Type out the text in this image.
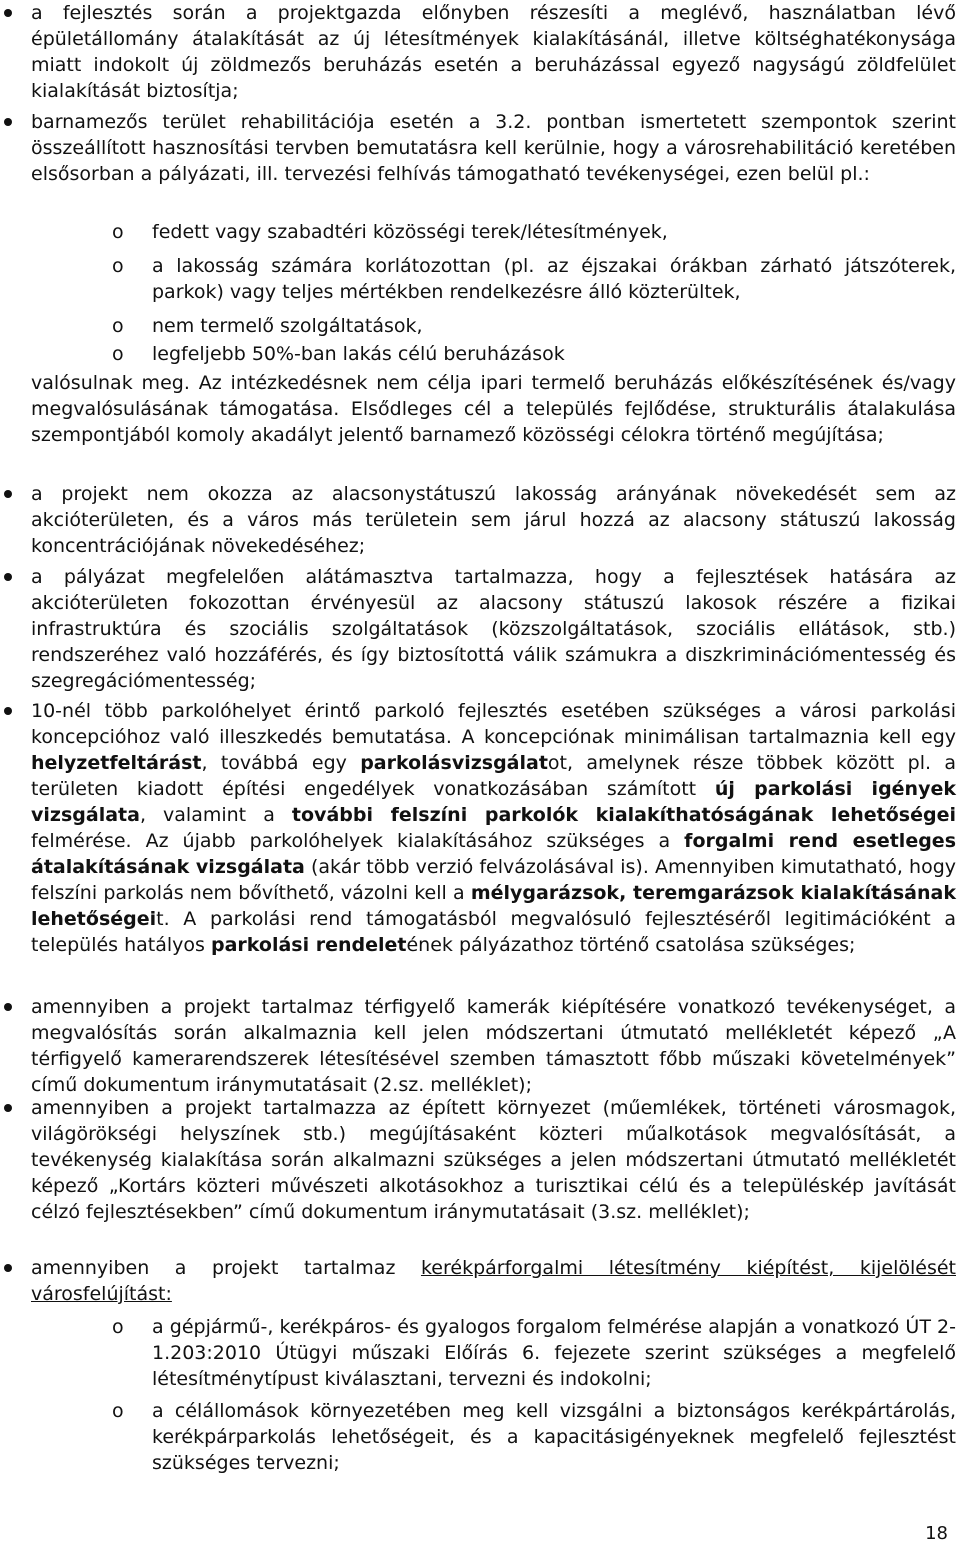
a fejlesztés során a projektgazda előnyben részesíti a meglévő, használatban lévő épületállomány átalakítását az új létesítmények kialakításánál, illetve költséghatékonysága miatt indokolt új zöldmezős beruházás esetén a beruházással egyező nagyságú zöldfelület kialakítását biztosítja;
barnamezős terület rehabilitációja esetén a 3.2. pontban ismertetett szempontok szerint összeállított hasznosítási tervben bemutatásra kell kerülnie, hogy a városrehabilitáció keretében elsősorban a pályázati, ill. tervezési felhívás támogatható tevékenységei, ezen belül pl.:
o fedett vagy szabadtéri közösségi terek/létesítmények,
o a lakosság számára korlátozottan (pl. az éjszakai órákban zárható játszóterek, parkok) vagy teljes mértékben rendelkezésre álló közterültek,
o nem termelő szolgáltatások,
o legfeljebb 50%-ban lakás célú beruházások
valósulnak meg. Az intézkedésnek nem célja ipari termelő beruházás előkészítésének és/vagy megvalósulásának támogatása. Elsődleges cél a település fejlődése, strukturális átalakulása szempontjából komoly akadályt jelentő barnamező közösségi célokra történő megújítása;
a projekt nem okozza az alacsonystátuszú lakosság arányának növekedését sem az akcióterületen, és a város más területein sem járul hozzá az alacsony státuszú lakosság koncentrációjának növekedéséhez;
a pályázat megfelelően alátámasztva tartalmazza, hogy a fejlesztések hatására az akcióterületen fokozottan érvényesül az alacsony státuszú lakosok részére a fizikai infrastruktúra és szociális szolgáltatások (közszolgáltatások, szociális ellátások, stb.) rendszeréhez való hozzáférés, és így biztosítottá válik számukra a diszkriminációmentesség és szegregációmentesség;
10-nél több parkolóhelyet érintő parkoló fejlesztés esetében szükséges a városi parkolási koncepcióhoz való illeszkedés bemutatása. A koncepciónak minimálisan tartalmaznia kell egy helyzetfeltárást, továbbá egy parkolásvizsgálatot, amelynek része többek között pl. a területen kiadott építési engedélyek vonatkozásában számított új parkolási igények vizsgálata, valamint a további felszíni parkolók kialakíthatóságának lehetőségei felmérése. Az újabb parkolóhelyek kialakításához szükséges a forgalmi rend esetleges átalakításának vizsgálata (akár több verzió felvázolásával is). Amennyiben kimutatható, hogy felszíni parkolás nem bővíthető, vázolni kell a mélygarázsok, teremgarázsok kialakításának lehetőségeit. A parkolási rend támogatásból megvalósuló fejlesztéséről legitimációként a település hatályos parkolási rendeletének pályázathoz történő csatolása szükséges;
amennyiben a projekt tartalmaz térfigyelő kamerák kiépítésére vonatkozó tevékenységet, a megvalósítás során alkalmaznia kell jelen módszertani útmutató mellékletét képező „A térfigyelő kamerarendszerek létesítésével szemben támasztott főbb műszaki követelmények” című dokumentum iránymutatásait (2.sz. melléklet);
amennyiben a projekt tartalmazza az épített környezet (műemlékek, történeti városmagok, világörökségi helyszínek stb.) megújításaként közteri műalkotások megvalósítását, a tevékenység kialakítása során alkalmazni szükséges a jelen módszertani útmutató mellékletét képező „Kortárs közteri művészeti alkotásokhoz a turisztikai célú és a településkép javítását célzó fejlesztésekben” című dokumentum iránymutatásait (3.sz. melléklet);
amennyiben a projekt tartalmaz kerékpárforgalmi létesítmény kiépítést, kijelölését városfelújítást:
o a gépjármű-, kerékpáros- és gyalogos forgalom felmérése alapján a vonatkozó ÚT 2-1.203:2010 Útügyi műszaki Előírás 6. fejezete szerint szükséges a megfelelő létesítménytípust kiválasztani, tervezni és indokolni;
o a célállomások környezetében meg kell vizsgálni a biztonságos kerékpártárolás, kerékpárparkolás lehetőségeit, és a kapacitásigényeknek megfelelő fejlesztést szükséges tervezni;
18
